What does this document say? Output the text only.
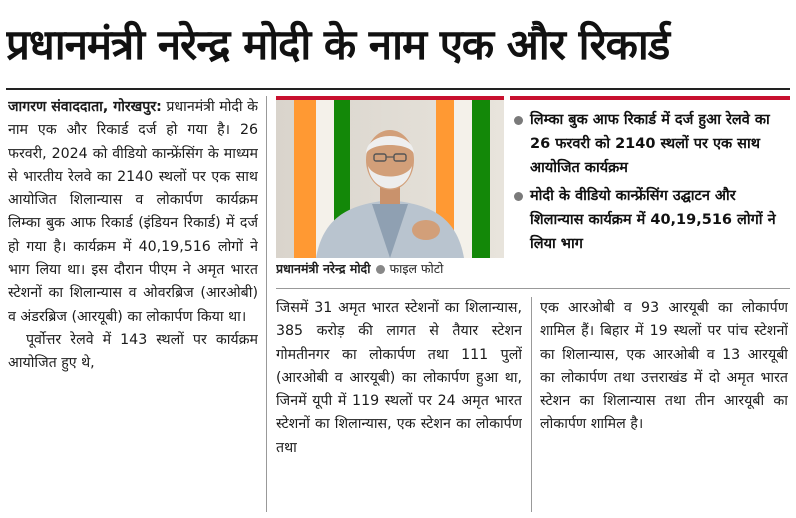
प्रधानमंत्री नरेन्द्र मोदी के नाम एक और रिकार्ड

जागरण संवाददाता, गोरखपुर: प्रधानमंत्री मोदी के नाम एक और रिकार्ड दर्ज हो गया है। 26 फरवरी, 2024 को वीडियो कान्फ्रेंसिंग के माध्यम से भारतीय रेलवे का 2140 स्थलों पर एक साथ आयोजित शिलान्यास व लोकार्पण कार्यक्रम लिम्का बुक आफ रिकार्ड (इंडियन रिकार्ड) में दर्ज हो गया है। कार्यक्रम में 40,19,516 लोगों ने भाग लिया था। इस दौरान पीएम ने अमृत भारत स्टेशनों का शिलान्यास व ओवरब्रिज (आरओबी) व अंडरब्रिज (आरयूबी) का लोकार्पण किया था।

पूर्वोत्तर रेलवे में 143 स्थलों पर कार्यक्रम आयोजित हुए थे,

प्रधानमंत्री नरेन्द्र मोदी फाइल फोटो
लिम्का बुक आफ रिकार्ड में दर्ज हुआ रेलवे का 26 फरवरी को 2140 स्थलों पर एक साथ आयोजित कार्यक्रम
मोदी के वीडियो कान्फ्रेंसिंग उद्घाटन और शिलान्यास कार्यक्रम में 40,19,516 लोगों ने लिया भाग

जिसमें 31 अमृत भारत स्टेशनों का शिलान्यास, 385 करोड़ की लागत से तैयार स्टेशन गोमतीनगर का लोकार्पण तथा 111 पुलों (आरओबी व आरयूबी) का लोकार्पण हुआ था, जिनमें यूपी में 119 स्थलों पर 24 अमृत भारत स्टेशनों का शिलान्यास, एक स्टेशन का लोकार्पण तथा

एक आरओबी व 93 आरयूबी का लोकार्पण शामिल हैं। बिहार में 19 स्थलों पर पांच स्टेशनों का शिलान्यास, एक आरओबी व 13 आरयूबी का लोकार्पण तथा उत्तराखंड में दो अमृत भारत स्टेशन का शिलान्यास तथा तीन आरयूबी का लोकार्पण शामिल है।
